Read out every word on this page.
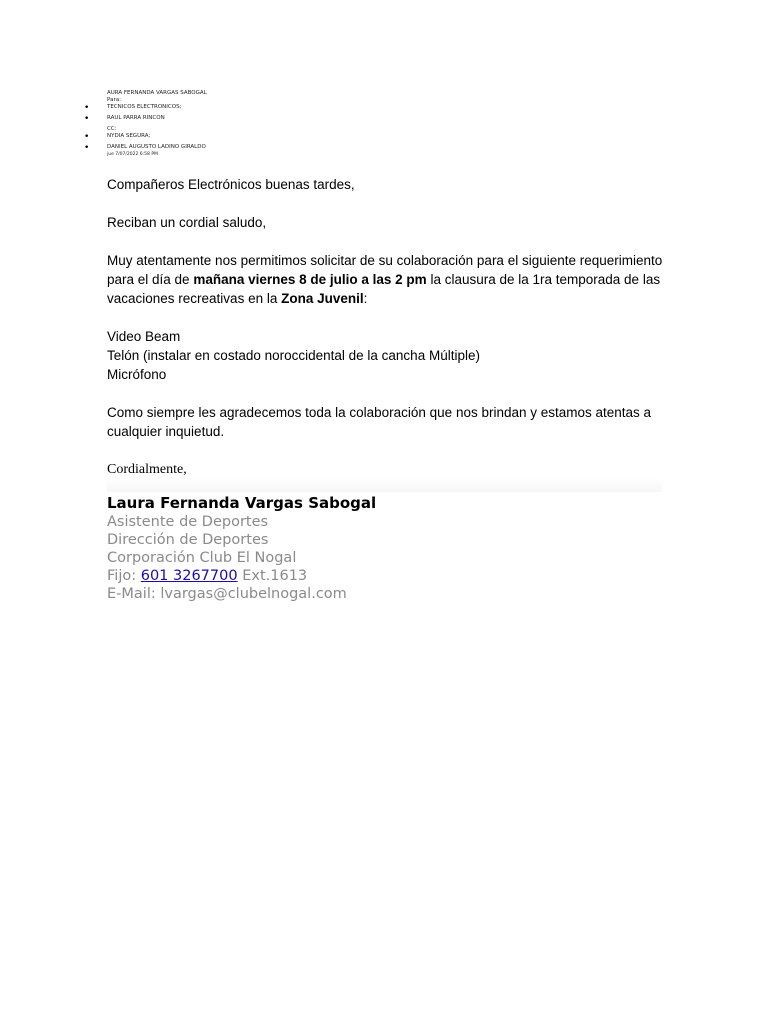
AURA FERNANDA VARGAS SABOGAL
Para:
• TECNICOS ELECTRONICOS;
• RAUL PARRA RINCON
CC:
• NYDIA SEGURA;
• DANIEL AUGUSTO LADINO GIRALDO
jue 7/07/2022 6:58 PM

Compañeros Electrónicos buenas tardes,

Reciban un cordial saludo,

Muy atentamente nos permitimos solicitar de su colaboración para el siguiente requerimiento para el día de mañana viernes 8 de julio a las 2 pm la clausura de la 1ra temporada de las vacaciones recreativas en la Zona Juvenil:

Video Beam

Telón (instalar en costado noroccidental de la cancha Múltiple)

Micrófono

Como siempre les agradecemos toda la colaboración que nos brindan y estamos atentas a cualquier inquietud.

Cordialmente,

Laura Fernanda Vargas Sabogal
Asistente de Deportes
Dirección de Deportes
Corporación Club El Nogal
Fijo: 601 3267700 Ext.1613
E-Mail: lvargas@clubelnogal.com
